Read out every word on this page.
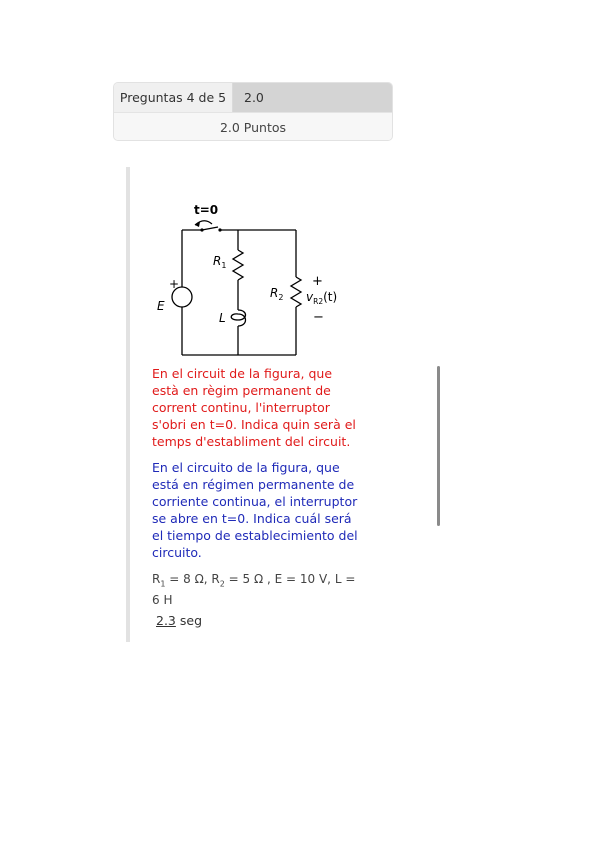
Preguntas 4 de 5	2.0
2.0 Puntos
t=0
+
E
$R_1$
L
$R_2$
+
$v_{R2}(t)$
−

En el circuit de la figura, que està en règim permanent de corrent continu, l'interruptor s'obri en t=0. Indica quin serà el temps d'establiment del circuit.

En el circuito de la figura, que está en régimen permanente de corriente continua, el interruptor se abre en t=0. Indica cuál será el tiempo de establecimiento del circuito.

$R_1 = 8$ Ω, $R_2 = 5$ Ω , E = 10 V, L = 6 H

2.3 seg
